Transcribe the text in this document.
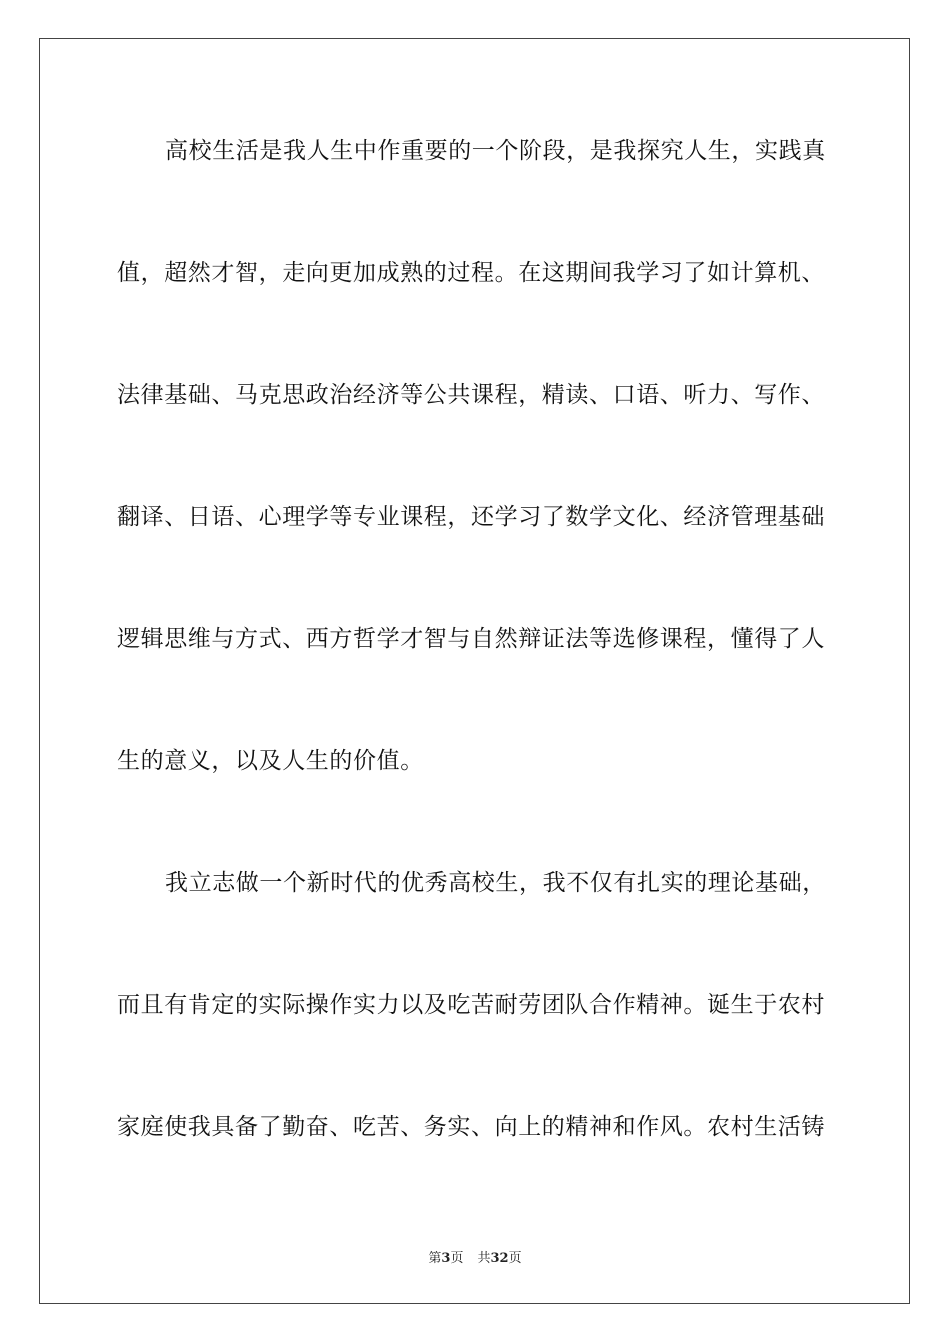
高校生活是我人生中作重要的一个阶段，是我探究人生，实践真
值，超然才智，走向更加成熟的过程。在这期间我学习了如计算机、
法律基础、马克思政治经济等公共课程，精读、口语、听力、写作、
翻译、日语、心理学等专业课程，还学习了数学文化、经济管理基础
逻辑思维与方式、西方哲学才智与自然辩证法等选修课程，懂得了人
生的意义，以及人生的价值。
我立志做一个新时代的优秀高校生，我不仅有扎实的理论基础，
而且有肯定的实际操作实力以及吃苦耐劳团队合作精神。诞生于农村
家庭使我具备了勤奋、吃苦、务实、向上的精神和作风。农村生活铸
第3页 共32页
